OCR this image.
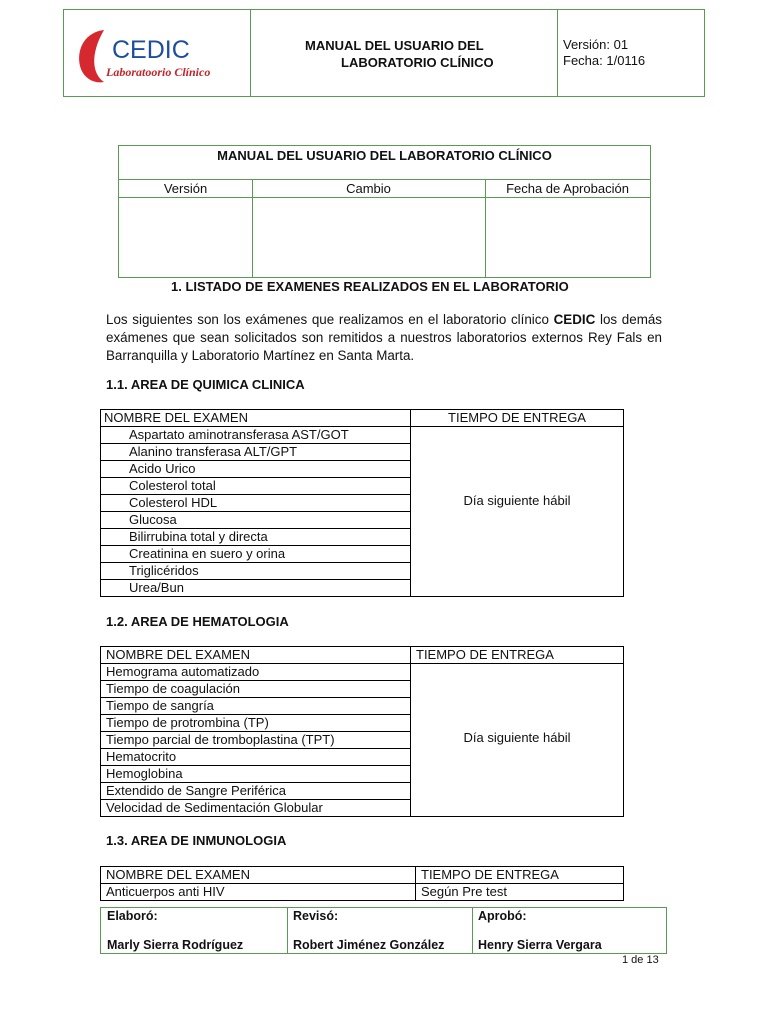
CEDIC
Laboratoorio Clínico
MANUAL DEL USUARIO DEL
LABORATORIO CLÍNICO
Versión: 01
Fecha: 1/0116
MANUAL DEL USUARIO DEL LABORATORIO CLÍNICO
Versión	Cambio	Fecha de Aprobación
1. LISTADO DE EXAMENES REALIZADOS EN EL LABORATORIO
Los siguientes son los exámenes que realizamos en el laboratorio clínico CEDIC los demás exámenes que sean solicitados son remitidos a nuestros laboratorios externos Rey Fals en Barranquilla y Laboratorio Martínez en Santa Marta.
1.1. AREA DE QUIMICA CLINICA
NOMBRE DEL EXAMEN	TIEMPO DE ENTREGA
Aspartato aminotransferasa AST/GOT
Alanino transferasa ALT/GPT
Acido Urico
Colesterol total
Colesterol HDL
Glucosa
Bilirrubina total y directa
Creatinina en suero y orina
Triglicéridos
Urea/Bun
Día siguiente hábil
1.2. AREA DE HEMATOLOGIA
NOMBRE DEL EXAMEN	TIEMPO DE ENTREGA
Hemograma automatizado
Tiempo de coagulación
Tiempo de sangría
Tiempo de protrombina (TP)
Tiempo parcial de tromboplastina (TPT)
Hematocrito
Hemoglobina
Extendido de Sangre Periférica
Velocidad de Sedimentación Globular
Día siguiente hábil
1.3. AREA DE INMUNOLOGIA
NOMBRE DEL EXAMEN	TIEMPO DE ENTREGA
Anticuerpos anti HIV	Según Pre test
Elaboró:
Marly Sierra Rodríguez
Revisó:
Robert Jiménez González
Aprobó:
Henry Sierra Vergara
1 de 13
